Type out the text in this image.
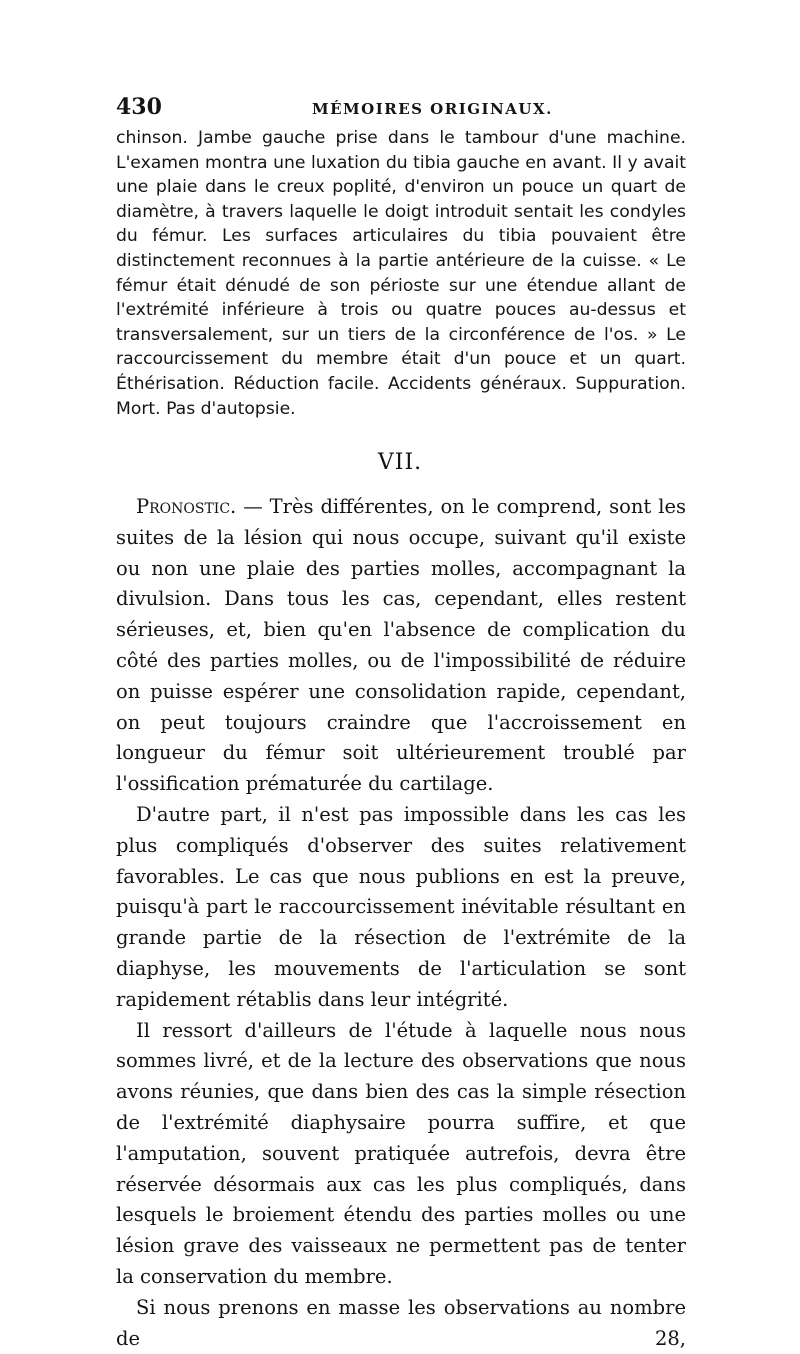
430	MÉMOIRES ORIGINAUX.

chinson. Jambe gauche prise dans le tambour d'une machine. L'examen montra une luxation du tibia gauche en avant. Il y avait une plaie dans le creux poplité, d'environ un pouce un quart de diamètre, à travers laquelle le doigt introduit sentait les condyles du fémur. Les surfaces articulaires du tibia pouvaient être distinctement reconnues à la partie antérieure de la cuisse. « Le fémur était dénudé de son périoste sur une étendue allant de l'extrémité inférieure à trois ou quatre pouces au-dessus et transversalement, sur un tiers de la circonférence de l'os. » Le raccourcissement du membre était d'un pouce et un quart. Éthérisation. Réduction facile. Accidents généraux. Suppuration. Mort. Pas d'autopsie.

VII.

Pronostic. — Très différentes, on le comprend, sont les suites de la lésion qui nous occupe, suivant qu'il existe ou non une plaie des parties molles, accompagnant la divulsion. Dans tous les cas, cependant, elles restent sérieuses, et, bien qu'en l'absence de complication du côté des parties molles, ou de l'impossibilité de réduire on puisse espérer une consolidation rapide, cependant, on peut toujours craindre que l'accroissement en longueur du fémur soit ultérieurement troublé par l'ossification prématurée du cartilage.

D'autre part, il n'est pas impossible dans les cas les plus compliqués d'observer des suites relativement favorables. Le cas que nous publions en est la preuve, puisqu'à part le raccourcissement inévitable résultant en grande partie de la résection de l'extrémite de la diaphyse, les mouvements de l'articulation se sont rapidement rétablis dans leur intégrité.

Il ressort d'ailleurs de l'étude à laquelle nous nous sommes livré, et de la lecture des observations que nous avons réunies, que dans bien des cas la simple résection de l'extrémité diaphysaire pourra suffire, et que l'amputation, souvent pratiquée autrefois, devra être réservée désormais aux cas les plus compliqués, dans lesquels le broiement étendu des parties molles ou une lésion grave des vaisseaux ne permettent pas de tenter la conservation du membre.

Si nous prenons en masse les observations au nombre de 28,
